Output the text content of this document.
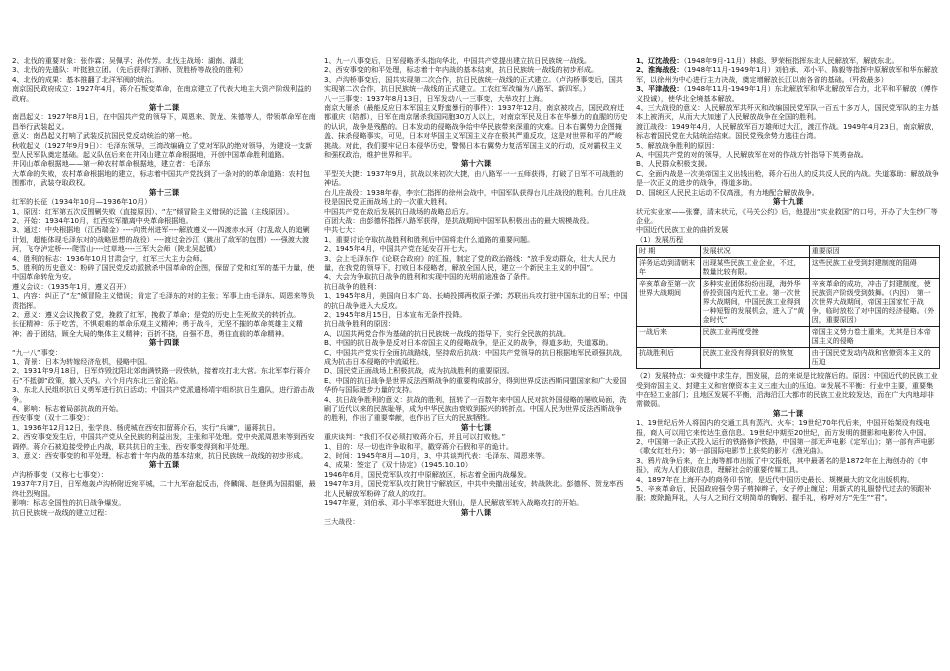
2、北伐的重要对象：张作霖；吴佩孚；孙传芳。北伐主战场：湖南、湖北

3、北伐的先遣队：叶挺独立团。（先后获得汀泗桥、贺胜桥等战役的胜利）

4、北伐的成果：基本推翻了北洋军阀的统治。

南京国民政府成立：1927年4月，蒋介石叛变革命，在南京建立了代表大地主大资产阶级利益的政府。

第十二课

南昌起义：1927年8月1日，在中国共产党的领导下，周恩来、贺龙、朱德等人，带领革命军在南昌举行武装起义。

意义：南昌起义打响了武装反抗国民党反动统治的第一枪。

秋收起义（1927年9月9日）：毛泽东领导，三湾改编确立了党对军队的绝对领导，为建设一支新型人民军队奠定基础。起义队伍后来在井冈山建立革命根据地，开创中国革命胜利道路。

井冈山革命根据地——第一种农村革命根据地，建立者：毛泽东

大革命的失败，农村革命根据地的建立，标志着中国共产党找到了一条对的的革命道路：农村包围都市，武装夺取政权。

第十三课

红军的长征（1934年10月—1936年10月）

1、原因：红军第五次反围剿失败（直接原因）、“左”倾冒险主义错误的泛滥（主线原因）。

2、开始：1934年10月，红西实军撤离中央革命根据地。

3、通过：中央根据地（江西瑞金）----向贵州进军----解放遵义----四渡赤水河（打乱敌人的追剿计划，超能体现毛泽东对的战略思想的战役）----渡过金沙江（跳出了敌军的包围）----强渡大渡河，飞夺泸定桥----爬雪山----过草地----三军大会师（陕北吴起镇）

4、胜利的标志：1936年10月甘肃会宁，红军三大主力会师。

5、胜利的历史意义：粉碎了国民党反动派掀杀中国革命的企图，保留了党和红军的基干力量，使中国革命转危为安。

遵义会议：（1935年1月，遵义召开）

1、内容：纠正了“左”倾冒险主义错误；肯定了毛泽东的对的主张；军事上由毛泽东、周恩来等负责指挥。

2、意义：遵义会议挽救了党，挽救了红军，挽救了革命；是党的历史上生死攸关的转折点。

长征精神：乐于吃苦，不惧艰难的革命乐观主义精神；勇于战斗，无坚不摧的革命英雄主义精神；善于团结，顾全大局的集体主义精神；百折不挠，自强不息，勇往直前的革命精神。

第十四课

“九一八”事变：

1、背景：日本为转嫁经济危机，侵略中国。

2、1931年9月18日，日军炸毁沈阳北郊南满铁路一段铁轨，接着攻打北大营。东北军奉行蒋介石“不抵御”政策，撤入关内。六个月内东北三省沦陷。

3、东北人民组织抗日义勇军进行抗日活动；中国共产党派遣杨靖宇组织抗日生遣队，进行游击战争。

4、影响：标志着局部抗战的开始。

西安事变（双十二事变）：

1、1936年12月12日，张学良、杨虎城在西安扣留蒋介石，实行“兵谏”，逼蒋抗日。

2、西安事变发生后，中国共产党从全民族的利益出发，主张和平处理。党中央派周恩来等到西安调停。蒋介石被迫接受停止内战，联共抗日的主张，西安事变得到和平处理。

3、意义：西安事变的和平处理，标志着十年内战的基本结束，抗日民族统一战线的初步形成。

第十五课

卢沟桥事变（又称七七事变）：

1937年7月7日，日军炮轰卢沟桥附近宛平城，二十九军奋起反击，佟麟阁、赵登禹为国捐躯，最终壮烈殉国。

影响：标志全国性的抗日战争爆发。

抗日民族统一战线的建立过程：

1、九一八事变后，日军侵略矛头指向华北，中国共产党提出建立抗日民族统一战线。

2、西安事变的和平处理，标志着十年内战的基本结束，抗日民族统一战线的初步形成。

3、卢沟桥事变后，国共实现第二次合作，抗日民族统一战线的正式建立。（卢沟桥事变后，国共实现第二次合作，抗日民族统一战线的正式建立。工农红军改编为八路军、新四军。）

八一三事变：1937年8月13日，日军发动八一三事变，大举攻打上海。

南京大屠杀（最能反应日本军国主义野蛮暴行的事件）：1937年12月，南京被攻占，国民政府迁都重庆（陪都），日军在南京屠杀我国同胞30万人以上，对南京军民及日本在华暴力的血腥的历史的认识，战争是残酷的。日本发动的侵略战争给中华民族带来深重的灾难。日本右翼势力企图掩盖、抹杀侵略事实，可见，日本对华国主义军国主义存在极其严重反攻，这是对世界和平的严峻挑战。对此，我们要牢记日本侵华历史，警惕日本右翼势力复活军国主义的行动，反对霸权主义和强权政治，维护世界和平。

第十六课

平型关大捷：1937年9月，抗战以来初次大捷，由八路军一一五师获得，打破了日军不可战胜的神话。

台儿庄战役：1938年春，李宗仁指挥的徐州会战中，中国军队获得台儿庄战役的胜利。台儿庄战役是国民党正面战场上的一次重大胜利。

中国共产党在敌后发展抗日战场的战略总后方。

百团大战：由彭德怀指挥八路军获得，是抗战期间中国军队积极出击的最大规模战役。

中共七大：

1、重要讨论夺取抗战胜利和胜利后中国将走什么道路的重要问题。

2、1945年4月，中国共产党在延安召开七大。

3、会上毛泽东作《论联合政府》的汇报，制定了党的政治路线：“放手发动群众，壮大人民力量，在我党的领导下，打败日本侵略者，解放全国人民，建立一个新民主主义的中国”。

4、大会为争取抗日战争的胜利和实现中国的光明前途准备了条件。

抗日战争的胜利：

1、1945年8月，美国向日本广岛、长崎投掷两枚原子弹；苏联出兵攻打驻中国东北的日军；中国的抗日战争进入大反攻。

2、1945年8月15日，日本宣布无条件投降。

抗日战争胜利的原因：

A、以国共两党合作为基础的抗日民族统一战线的指导下，实行全民族的抗战。

B、中国的抗日战争是反对日本帝国主义的侵略战争，是正义的战争，得道多助，失道寡助。

C、中国共产党实行全面抗战路线，坚持敌后抗战：中国共产党领导的抗日根据地军民顽强抗战，成为抗击日本侵略的中流砥柱。

D、国民党正面战场上积极抗战，成为抗战胜利的重要原因。

E、中国的抗日战争是世界反法西斯战争的重要构成部分，得到世界反法西斯同盟国家和广大爱国华侨与国际进步力量的支持。

4、抗日战争胜利的意义：抗战的胜利，扭转了一百数年来中国人民对抗外国侵略的屡败局面，洗刷了近代以来的民族耻辱，成为中华民族由衰败到振兴的转折点。中国人民为世界反法西斯战争的胜利，作出了重要奉献，也作出了巨大的民族牺牲。

第十七课

重庆谈判：“我们不仅必须打败蒋介石，并且可以打败他。”

1、目的：尽一切也许争取和平，戳穿蒋介石假和平的诡计。

2、时间：1945年8月—10月，3、中共谈判代表：毛泽东、周恩来等。

4、成果：签定了《双十协定》（1945.10.10）

1946年6月，国民党军队攻打中原解放区，标志着全面内战爆发。

1947年3月，国民党军队攻打陕甘宁解放区，中共中央撤出延安，转战陕北。彭德怀、贺龙率西北人民解放军粉碎了敌人的攻打。

1947年夏，刘伯承、邓小平率军挺进大别山，是人民解放军转入战略攻打的开始。

第十八课

三大战役：

1、辽沈战役：（1948年9月-11月）林彪、罗荣桓指挥东北人民解放军，解放东北。

2、淮海战役：（1948年11月-1949年1月）刘伯承、邓小平、陈毅等指挥中原解放军和华东解放军，以徐州为中心进行主力决战，奠定增解放长江以南各省的基础。（歼敌最多）

3、平津战役：（1948年11月-1949年1月）东北解放军和华北解放军合力，北平和平解放（傅作义投诚），使华北全境基本解放。

4、三大战役的意义：人民解放军共歼灭和改编国民党军队一百五十多万人，国民党军队的主力基本上被消灭，从而大大加速了人民解放战争在全国的胜利。

渡江战役：1949年4月，人民解放军百万雄师过大江，渡江作战。1949年4月23日，南京解放，标志着国民党在大陆统治结束。国民党残余势力逃往台湾。

5、解放战争胜利的原因：

A、中国共产党的对的领导，人民解放军在对的作战方针指导下英勇奋战。

B、人民群众积极支援。

C、全面内战是一次美帝国主义出钱出枪，蒋介石出人的反共反人民的内战。失道寡助：解放战争是一次正义的进步的战争，得道多助。

D、国统区人民民主运动不仅高涨，有力地配合解放战争。

第十九课

状元实业家——张謇，清末状元，《马关公约》后，他提出“实业救国”的口号，开办了大生纱厂等企业。

中国近代民族工业的曲折发展

（1）发展历程

时 期	发展状况	重要原因
洋务运动到清朝末年	出现某些民族工业企业，不过，数量比较有限。	这些民族工业受到封建制度的阻碍
辛亥革命至第一次世界大战期间	多种实业团体纷纷出现，海外华侨投资国内近代工业。第一次世界大战期间，中国民族工业得到一种短暂的发展机会，进入了“黄金时代”	辛亥革命的成功，冲击了封建制度，使民族资产阶级受到鼓舞。（内因）　第一次世界大战期间，帝国主国家忙于战争，临时放松了对中国的经济侵略。（外因，重要原因）
一战后来	民族工业再度受挫	帝国主义势力卷土重来，尤其是日本帝国主义的侵略
抗战胜利后	民族工业没有得到很好的恢复	由于国民党发动内战和官僚资本主义的压迫

（2）发展特点：①夹缝中求生存，图发展，总的来说是比较落后的。原因：中国近代的民族工业受到帝国主义、封建主义和官僚资本主义三座大山的压迫。②发展不平衡：行业中主要，重要集中在轻工业部门；且地区发展不平衡，沿海沿江大都市的民族工业比较发达，而在广大内地却非常微弱。

第二十课

1、19世纪后外人将国内的交通工具有蒸汽、火车；19世纪70年代后来，中国开始架设有线电报，商人可以用它来传达生意信息。19世纪中期至20世纪，而方发明的摄影和电影传入中国。

2、中国第一条正式投入运行的铁路修沪铁路，中国第一部无声电影《定军山》；第一部有声电影《歌女红牡丹》；第一部国际电影节上获奖的影片《渔光曲》。

3、鸦片战争后来，在上海等都市出版了中文报纸，其中最著名的是1872年在上海创办的《申报》，成为人们获取信息，理解社会的重要传媒工具。

4、1897年在上海开办的商务印书馆，是近代中国历史最长、规模最大的文化出版机构。

5、辛亥革命后，民国政府强令男子剪掉辫子，女子停止缠足；用新式的礼服替代过去的领跟补服；废除跪拜礼，人与人之间行文明简单的鞠躬、握手礼，称呼对方“先生”“君”。
